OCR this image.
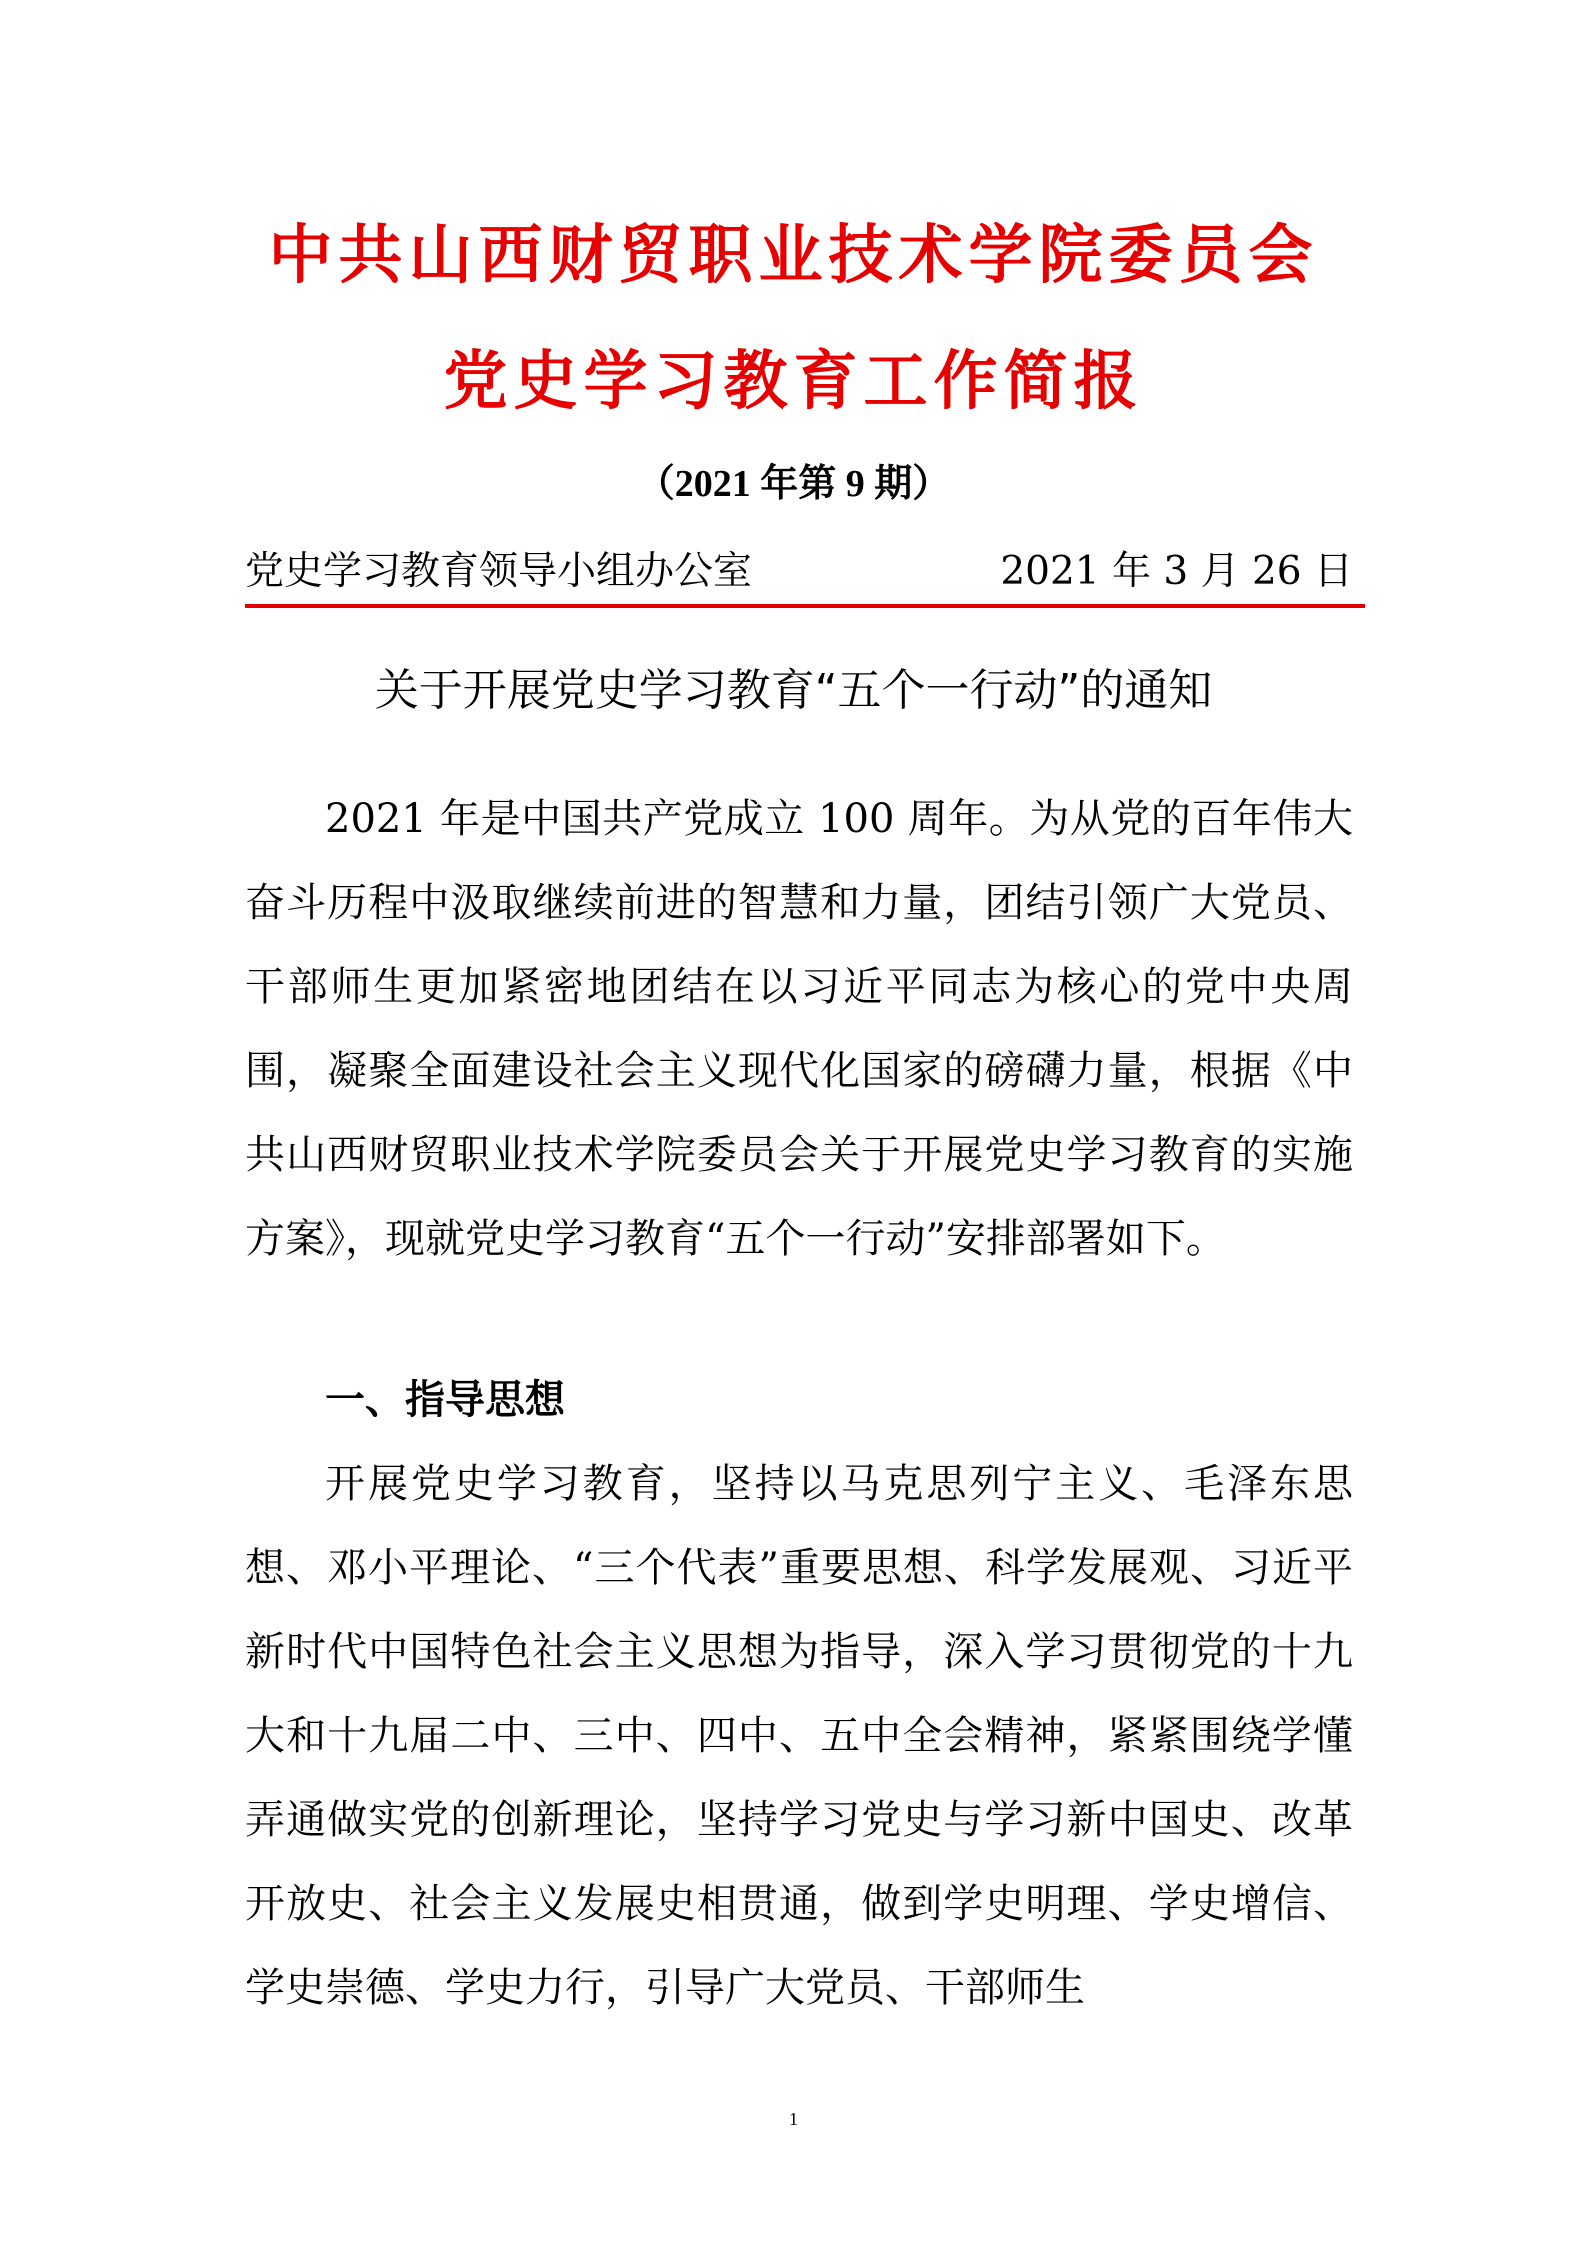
中共山西财贸职业技术学院委员会
党史学习教育工作简报
（2021 年第 9 期）
党史学习教育领导小组办公室	2021 年 3 月 26 日
关于开展党史学习教育“五个一行动”的通知

2021 年是中国共产党成立 100 周年。为从党的百年伟大奋斗历程中汲取继续前进的智慧和力量，团结引领广大党员、干部师生更加紧密地团结在以习近平同志为核心的党中央周围，凝聚全面建设社会主义现代化国家的磅礴力量，根据《中共山西财贸职业技术学院委员会关于开展党史学习教育的实施方案》，现就党史学习教育“五个一行动”安排部署如下。

一、指导思想

开展党史学习教育，坚持以马克思列宁主义、毛泽东思想、邓小平理论、“三个代表”重要思想、科学发展观、习近平新时代中国特色社会主义思想为指导，深入学习贯彻党的十九大和十九届二中、三中、四中、五中全会精神，紧紧围绕学懂弄通做实党的创新理论，坚持学习党史与学习新中国史、改革开放史、社会主义发展史相贯通，做到学史明理、学史增信、学史崇德、学史力行，引导广大党员、干部师生

1
